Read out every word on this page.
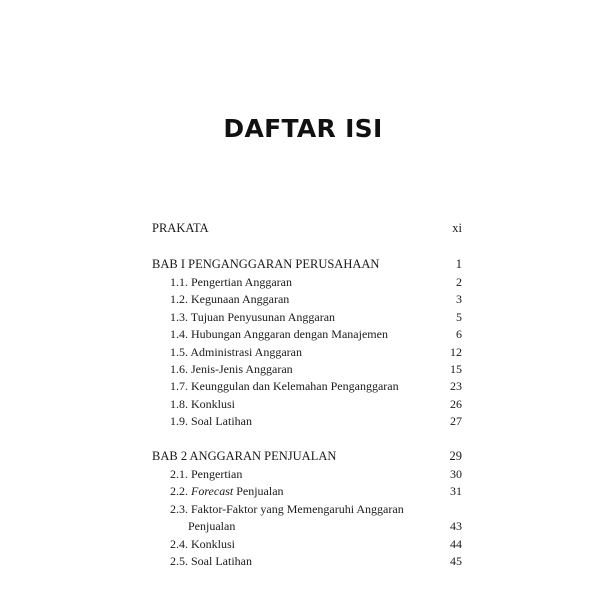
DAFTAR ISI
PRAKATA	xi
BAB I PENGANGGARAN PERUSAHAAN	1
1.1. Pengertian Anggaran	2
1.2. Kegunaan Anggaran	3
1.3. Tujuan Penyusunan Anggaran	5
1.4. Hubungan Anggaran dengan Manajemen	6
1.5. Administrasi Anggaran	12
1.6. Jenis-Jenis Anggaran	15
1.7. Keunggulan dan Kelemahan Penganggaran	23
1.8. Konklusi	26
1.9. Soal Latihan	27
BAB 2 ANGGARAN PENJUALAN	29
2.1. Pengertian	30
2.2. Forecast Penjualan	31
2.3. Faktor-Faktor yang Memengaruhi Anggaran
Penjualan	43
2.4. Konklusi	44
2.5. Soal Latihan	45
